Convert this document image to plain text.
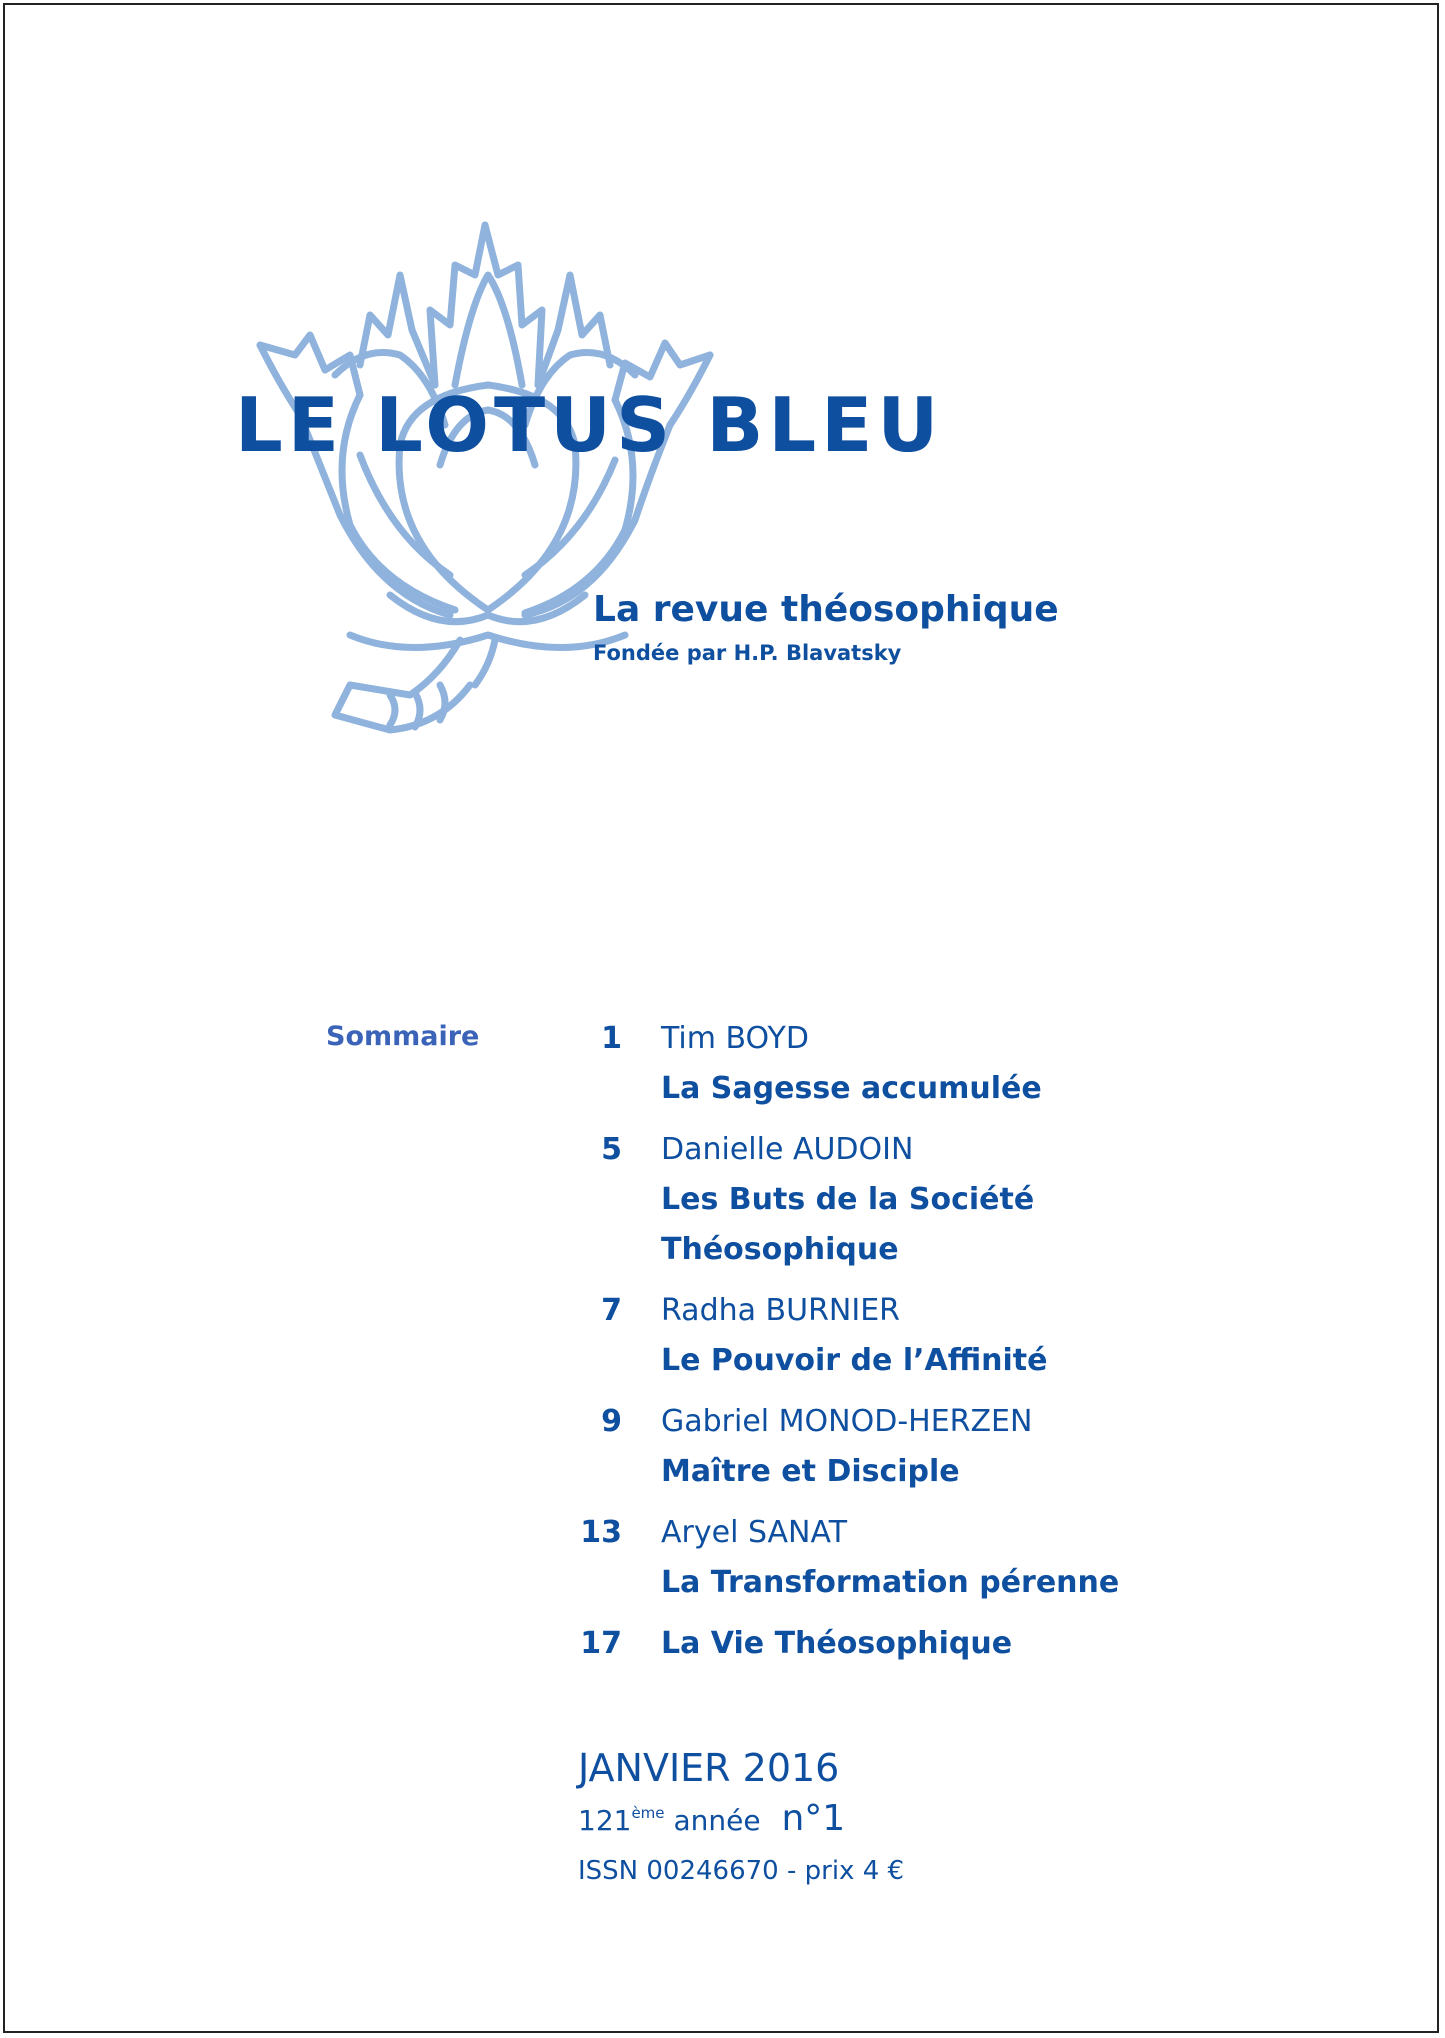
LE LOTUS BLEU
La revue théosophique
Fondée par H.P. Blavatsky
Sommaire	1 Tim BOYD
La Sagesse accumulée
5 Danielle AUDOIN
Les Buts de la Société Théosophique
7 Radha BURNIER
Le Pouvoir de l’Affinité
9 Gabriel MONOD-HERZEN
Maître et Disciple
13 Aryel SANAT
La Transformation pérenne
17 La Vie Théosophique
JANVIER 2016
121ème année n°1
ISSN 00246670 - prix 4 €
